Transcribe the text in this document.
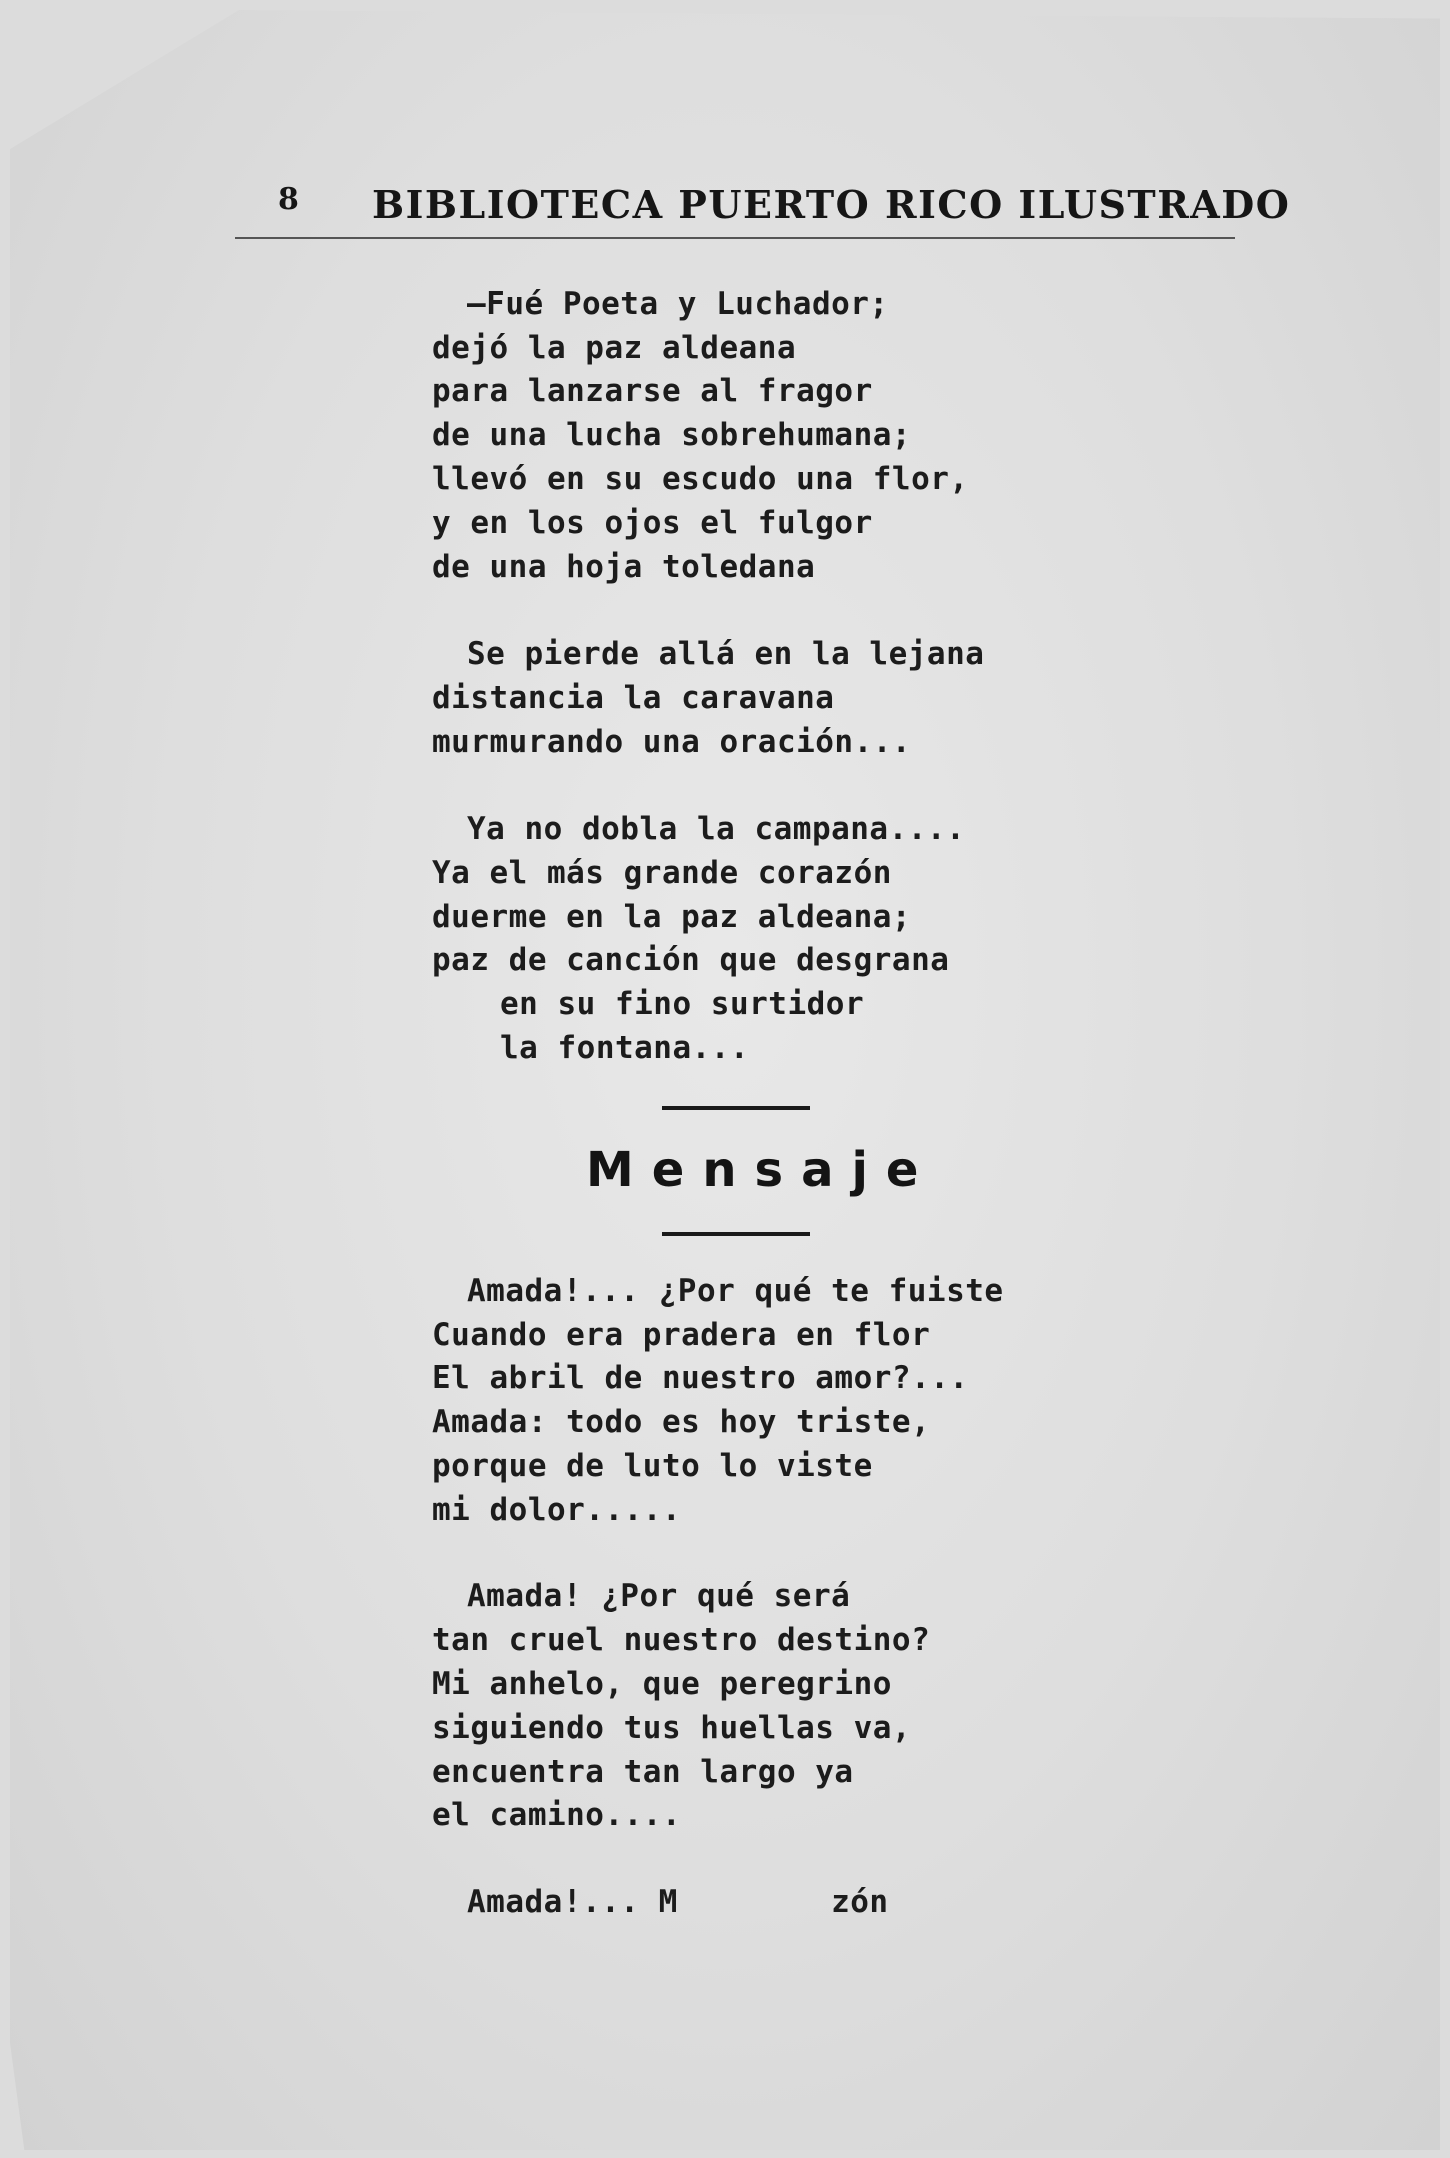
8 BIBLIOTECA PUERTO RICO ILUSTRADO
—Fué Poeta y Luchador;
dejó la paz aldeana
para lanzarse al fragor
de una lucha sobrehumana;
llevó en su escudo una flor,
y en los ojos el fulgor
de una hoja toledana
Se pierde allá en la lejana
distancia la caravana
murmurando una oración...
Ya no dobla la campana....
Ya el más grande corazón
duerme en la paz aldeana;
paz de canción que desgrana
en su fino surtidor
la fontana...
Mensaje
Amada!... ¿Por qué te fuiste
Cuando era pradera en flor
El abril de nuestro amor?...
Amada: todo es hoy triste,
porque de luto lo viste
mi dolor.....
Amada! ¿Por qué será
tan cruel nuestro destino?
Mi anhelo, que peregrino
siguiendo tus huellas va,
encuentra tan largo ya
el camino....
Amada!... M        zón
